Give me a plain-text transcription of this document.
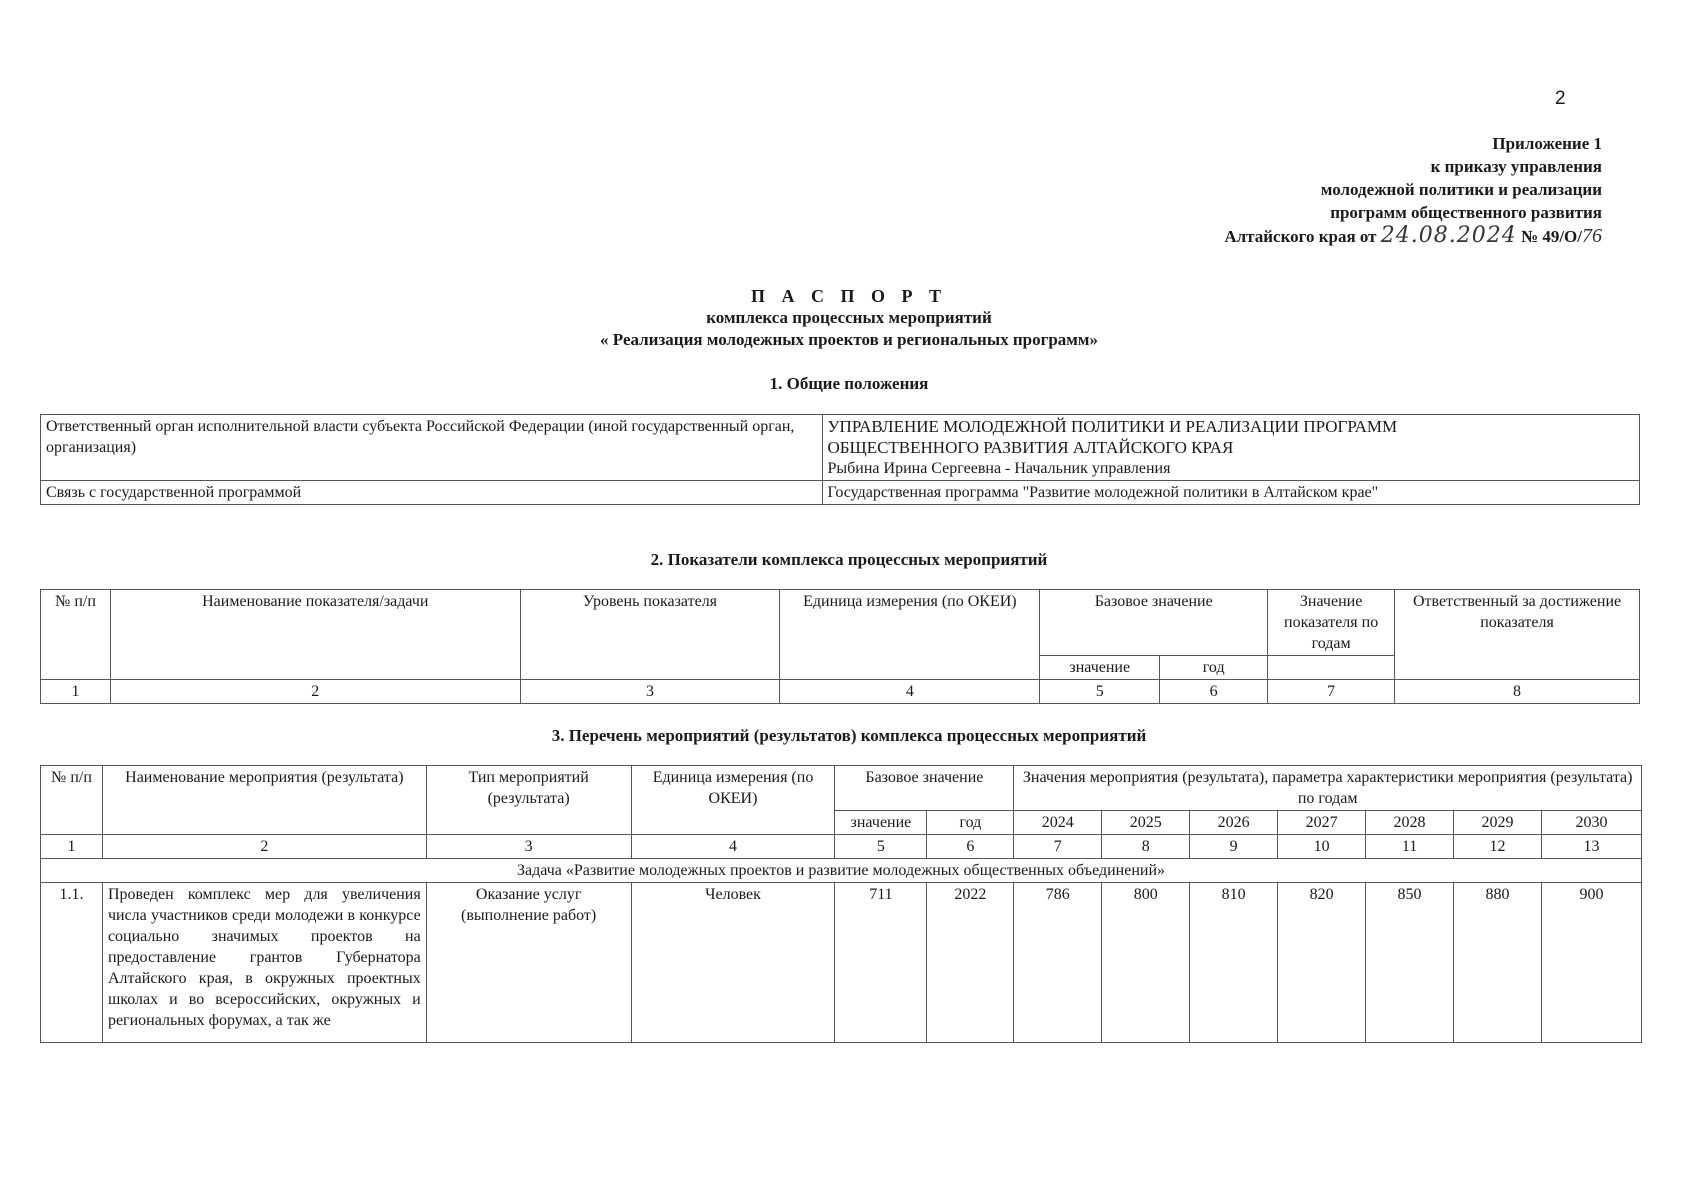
2
Приложение 1
к приказу управления
молодежной политики и реализации
программ общественного развития
Алтайского края от 24.08.2024 № 49/О/76
П А С П О Р Т
комплекса процессных мероприятий
« Реализация молодежных проектов и региональных программ»
1. Общие положения
Ответственный орган исполнительной власти субъекта Российской Федерации (иной государственный орган, организация)	УПРАВЛЕНИЕ МОЛОДЕЖНОЙ ПОЛИТИКИ И РЕАЛИЗАЦИИ ПРОГРАММ
ОБЩЕСТВЕННОГО РАЗВИТИЯ АЛТАЙСКОГО КРАЯ
Рыбина Ирина Сергеевна - Начальник управления

Связь с государственной программой	Государственная программа "Развитие молодежной политики в Алтайском крае"
2. Показатели комплекса процессных мероприятий
№ п/п	Наименование показателя/задачи	Уровень показателя	Единица измерения (по ОКЕИ)	Базовое значение		Значение показателя по годам	Ответственный за достижение показателя
				значение	год		
1	2	3	4	5	6	7	8
3. Перечень мероприятий (результатов) комплекса процессных мероприятий
№ п/п	Наименование мероприятия (результата)	Тип мероприятий (результата)	Единица измерения (по ОКЕИ)	Базовое значение		Значения мероприятия (результата), параметра характеристики мероприятия (результата) по годам						
				значение	год	2024	2025	2026	2027	2028	2029	2030
1	2	3	4	5	6	7	8	9	10	11	12	13
Задача «Развитие молодежных проектов и развитие молодежных общественных объединений»												
1.1.	Проведен комплекс мер для увеличения числа участников среди молодежи в конкурсе социально значимых проектов на предоставление грантов Губернатора Алтайского края, в окружных проектных школах и во всероссийских, окружных и региональных форумах, а так же	Оказание услуг (выполнение работ)	Человек	711	2022	786	800	810	820	850	880	900
